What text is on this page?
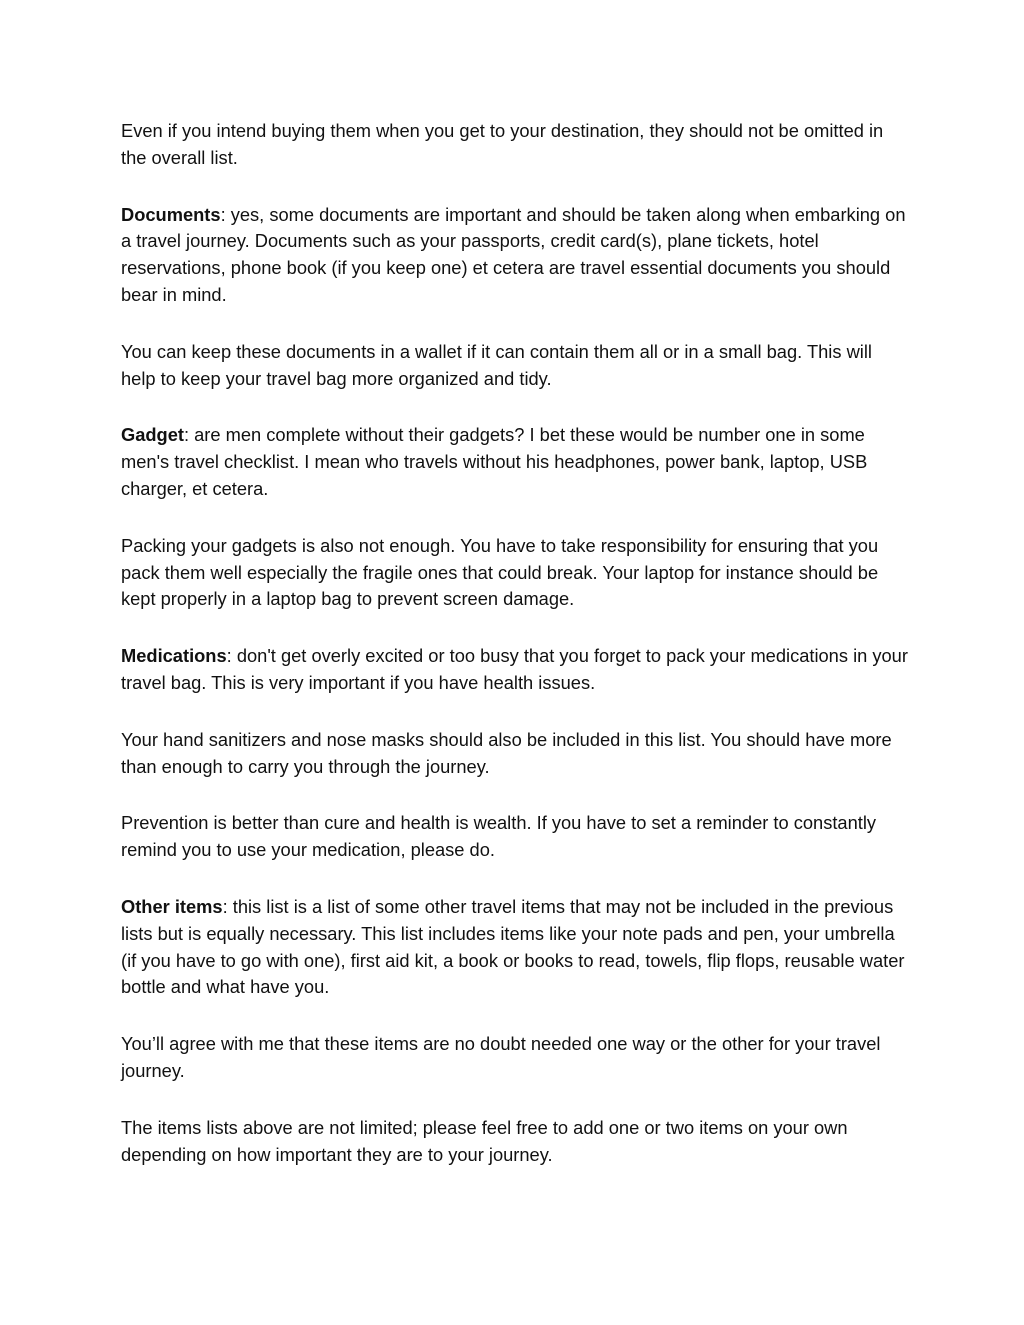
Even if you intend buying them when you get to your destination, they should not be omitted in the overall list.

Documents: yes, some documents are important and should be taken along when embarking on a travel journey. Documents such as your passports, credit card(s), plane tickets, hotel reservations, phone book (if you keep one) et cetera are travel essential documents you should bear in mind.

You can keep these documents in a wallet if it can contain them all or in a small bag. This will help to keep your travel bag more organized and tidy.

Gadget: are men complete without their gadgets? I bet these would be number one in some men's travel checklist. I mean who travels without his headphones, power bank, laptop, USB charger, et cetera.

Packing your gadgets is also not enough. You have to take responsibility for ensuring that you pack them well especially the fragile ones that could break. Your laptop for instance should be kept properly in a laptop bag to prevent screen damage.

Medications: don't get overly excited or too busy that you forget to pack your medications in your travel bag. This is very important if you have health issues.

Your hand sanitizers and nose masks should also be included in this list. You should have more than enough to carry you through the journey.

Prevention is better than cure and health is wealth. If you have to set a reminder to constantly remind you to use your medication, please do.

Other items: this list is a list of some other travel items that may not be included in the previous lists but is equally necessary. This list includes items like your note pads and pen, your umbrella (if you have to go with one), first aid kit, a book or books to read, towels, flip flops, reusable water bottle and what have you.

You’ll agree with me that these items are no doubt needed one way or the other for your travel journey.

The items lists above are not limited; please feel free to add one or two items on your own depending on how important they are to your journey.
